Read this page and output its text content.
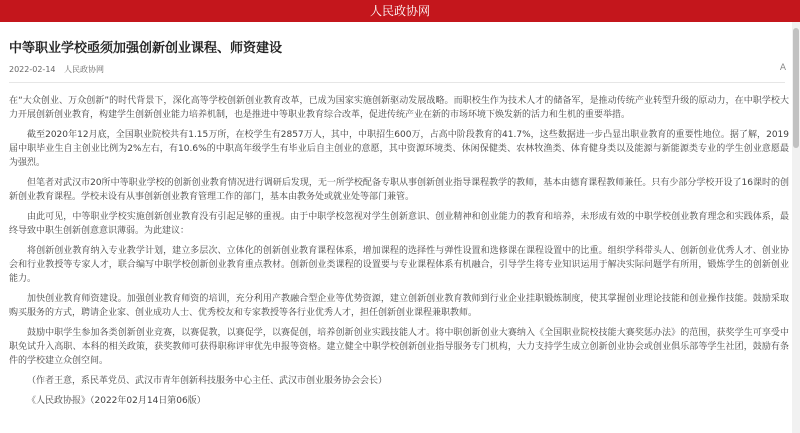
人民政协网
中等职业学校亟须加强创新创业课程、师资建设
2022-02-14 人民政协网	A

在“大众创业、万众创新”的时代背景下，深化高等学校创新创业教育改革，已成为国家实施创新驱动发展战略。而职校生作为技术人才的储备军，是推动传统产业转型升级的原动力，在中职学校大力开展创新创业教育，构建学生创新创业能力培养机制，也是推进中等职业教育综合改革，促进传统产业在新的市场环境下焕发新的活力和生机的重要举措。

截至2020年12月底，全国职业院校共有1.15万所，在校学生有2857万人，其中，中职招生600万，占高中阶段教育的41.7%，这些数据进一步凸显出职业教育的重要性地位。据了解，2019届中职毕业生自主创业比例为2%左右，有10.6%的中职高年级学生有毕业后自主创业的意愿，其中资源环境类、休闲保健类、农林牧渔类、体育健身类以及能源与新能源类专业的学生创业意愿最为强烈。

但笔者对武汉市20所中等职业学校的创新创业教育情况进行调研后发现，无一所学校配备专职从事创新创业指导课程教学的教师，基本由德育课程教师兼任。只有少部分学校开设了16课时的创新创业教育课程。学校未设有从事创新创业教育管理工作的部门，基本由教务处或就业处等部门兼管。

由此可见，中等职业学校实施创新创业教育没有引起足够的重视。由于中职学校忽视对学生创新意识、创业精神和创业能力的教育和培养，未形成有效的中职学校创业教育理念和实践体系，最终导致中职生创新创意意识薄弱。为此建议：

将创新创业教育纳入专业教学计划，建立多层次、立体化的创新创业教育课程体系，增加课程的选择性与弹性设置和选修课在课程设置中的比重。组织学科带头人、创新创业优秀人才、创业协会和行业教授等专家人才，联合编写中职学校创新创业教育重点教材。创新创业类课程的设置要与专业课程体系有机融合，引导学生将专业知识运用于解决实际问题学有所用，锻炼学生的创新创业能力。

加快创业教育师资建设。加强创业教育师资的培训，充分利用产教融合型企业等优势资源，建立创新创业教育教师到行业企业挂职锻炼制度，使其掌握创业理论技能和创业操作技能。鼓励采取购买服务的方式，聘请企业家、创业成功人士、优秀校友和专家教授等各行业优秀人才，担任创新创业课程兼职教师。

鼓励中职学生参加各类创新创业竞赛，以赛促教，以赛促学，以赛促创，培养创新创业实践技能人才。将中职创新创业大赛纳入《全国职业院校技能大赛奖惩办法》的范围，获奖学生可享受中职免试升入高职、本科的相关政策，获奖教师可获得职称评审优先申报等资格。建立健全中职学校创新创业指导服务专门机构，大力支持学生成立创新创业协会或创业俱乐部等学生社团，鼓励有条件的学校建立众创空间。

（作者王意，系民革党员、武汉市青年创新科技服务中心主任、武汉市创业服务协会会长）

《人民政协报》（2022年02月14日第06版）
